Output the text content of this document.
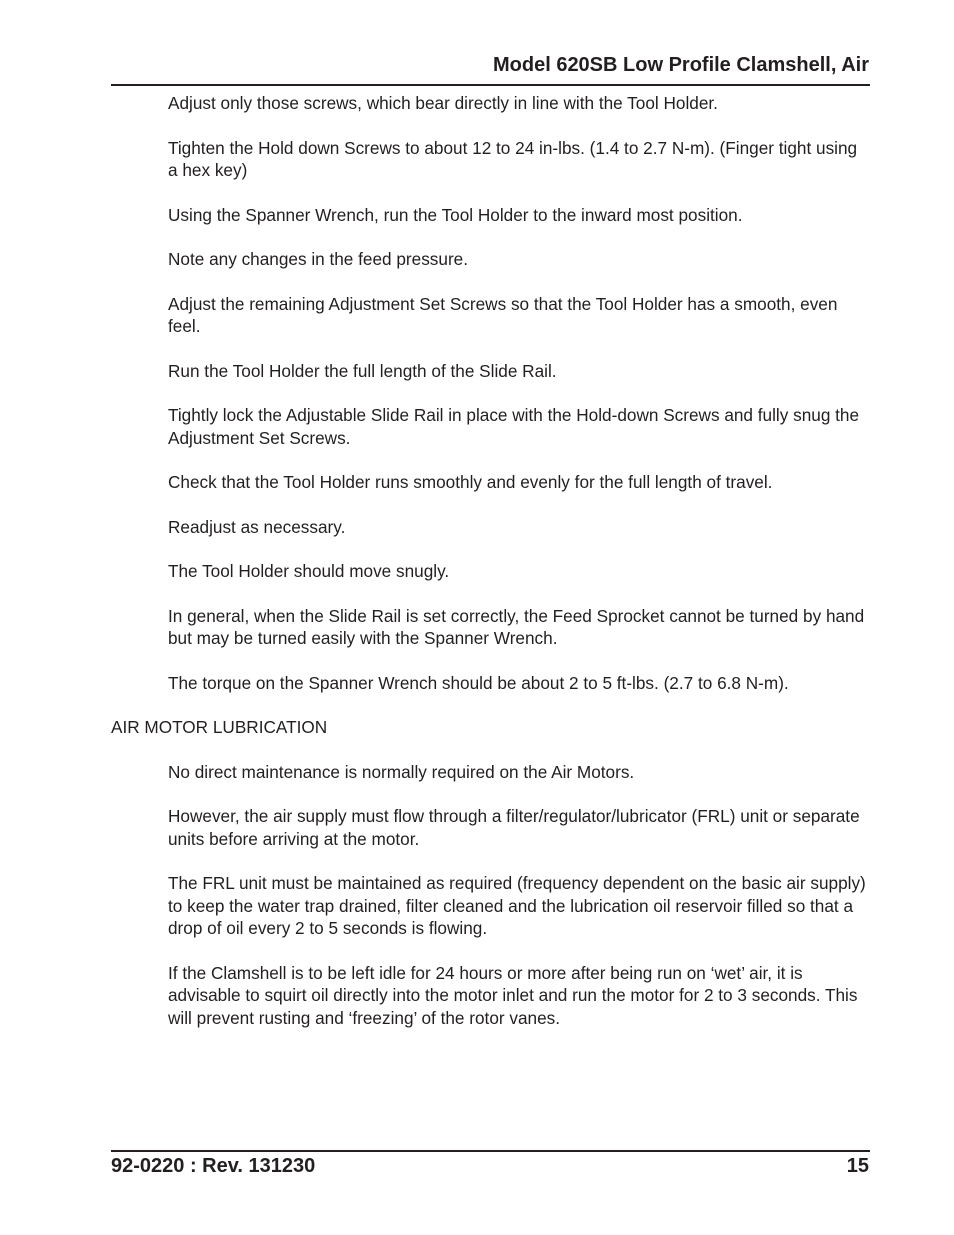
Model 620SB Low Profile Clamshell, Air

Adjust only those screws, which bear directly in line with the Tool Holder.

Tighten the Hold down Screws to about 12 to 24 in-lbs. (1.4 to 2.7 N-m). (Finger tight using a hex key)

Using the Spanner Wrench, run the Tool Holder to the inward most position.

Note any changes in the feed pressure.

Adjust the remaining Adjustment Set Screws so that the Tool Holder has a smooth, even feel.

Run the Tool Holder the full length of the Slide Rail.

Tightly lock the Adjustable Slide Rail in place with the Hold-down Screws and fully snug the Adjustment Set Screws.

Check that the Tool Holder runs smoothly and evenly for the full length of travel.

Readjust as necessary.

The Tool Holder should move snugly.

In general, when the Slide Rail is set correctly, the Feed Sprocket cannot be turned by hand but may be turned easily with the Spanner Wrench.

The torque on the Spanner Wrench should be about 2 to 5 ft-lbs. (2.7 to 6.8 N-m).

AIR MOTOR LUBRICATION

No direct maintenance is normally required on the Air Motors.

However, the air supply must flow through a filter/regulator/lubricator (FRL) unit or separate units before arriving at the motor.

The FRL unit must be maintained as required (frequency dependent on the basic air supply) to keep the water trap drained, filter cleaned and the lubrication oil reservoir filled so that a drop of oil every 2 to 5 seconds is flowing.

If the Clamshell is to be left idle for 24 hours or more after being run on ‘wet’ air, it is advisable to squirt oil directly into the motor inlet and run the motor for 2 to 3 seconds. This will prevent rusting and ‘freezing’ of the rotor vanes.

92-0220 : Rev. 131230	15
